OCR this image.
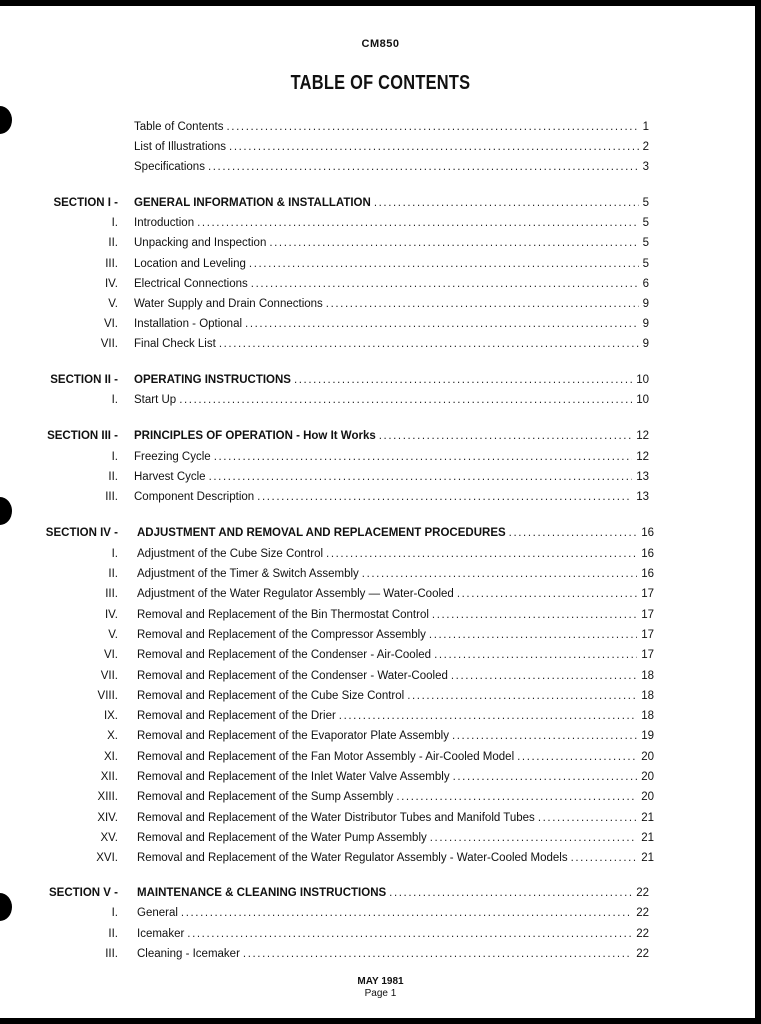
CM850
TABLE OF CONTENTS
Table of Contents .....	1
List of Illustrations .....	2
Specifications .....	3
SECTION I - GENERAL INFORMATION & INSTALLATION .....	5
I. Introduction .....	5
II. Unpacking and Inspection .....	5
III. Location and Leveling .....	5
IV. Electrical Connections .....	6
V. Water Supply and Drain Connections .....	9
VI. Installation - Optional .....	9
VII. Final Check List .....	9
SECTION II - OPERATING INSTRUCTIONS .....	10
I. Start Up .....	10
SECTION III - PRINCIPLES OF OPERATION - How It Works .....	12
I. Freezing Cycle .....	12
II. Harvest Cycle .....	13
III. Component Description .....	13
SECTION IV - ADJUSTMENT AND REMOVAL AND REPLACEMENT PROCEDURES .....	16
I. Adjustment of the Cube Size Control .....	16
II. Adjustment of the Timer & Switch Assembly .....	16
III. Adjustment of the Water Regulator Assembly — Water-Cooled .....	17
IV. Removal and Replacement of the Bin Thermostat Control .....	17
V. Removal and Replacement of the Compressor Assembly .....	17
VI. Removal and Replacement of the Condenser - Air-Cooled .....	17
VII. Removal and Replacement of the Condenser - Water-Cooled .....	18
VIII. Removal and Replacement of the Cube Size Control .....	18
IX. Removal and Replacement of the Drier .....	18
X. Removal and Replacement of the Evaporator Plate Assembly .....	19
XI. Removal and Replacement of the Fan Motor Assembly - Air-Cooled Model .....	20
XII. Removal and Replacement of the Inlet Water Valve Assembly .....	20
XIII. Removal and Replacement of the Sump Assembly .....	20
XIV. Removal and Replacement of the Water Distributor Tubes and Manifold Tubes .....	21
XV. Removal and Replacement of the Water Pump Assembly .....	21
XVI. Removal and Replacement of the Water Regulator Assembly - Water-Cooled Models .....	21
SECTION V - MAINTENANCE & CLEANING INSTRUCTIONS .....	22
I. General .....	22
II. Icemaker .....	22
III. Cleaning - Icemaker .....	22
MAY 1981
Page 1
